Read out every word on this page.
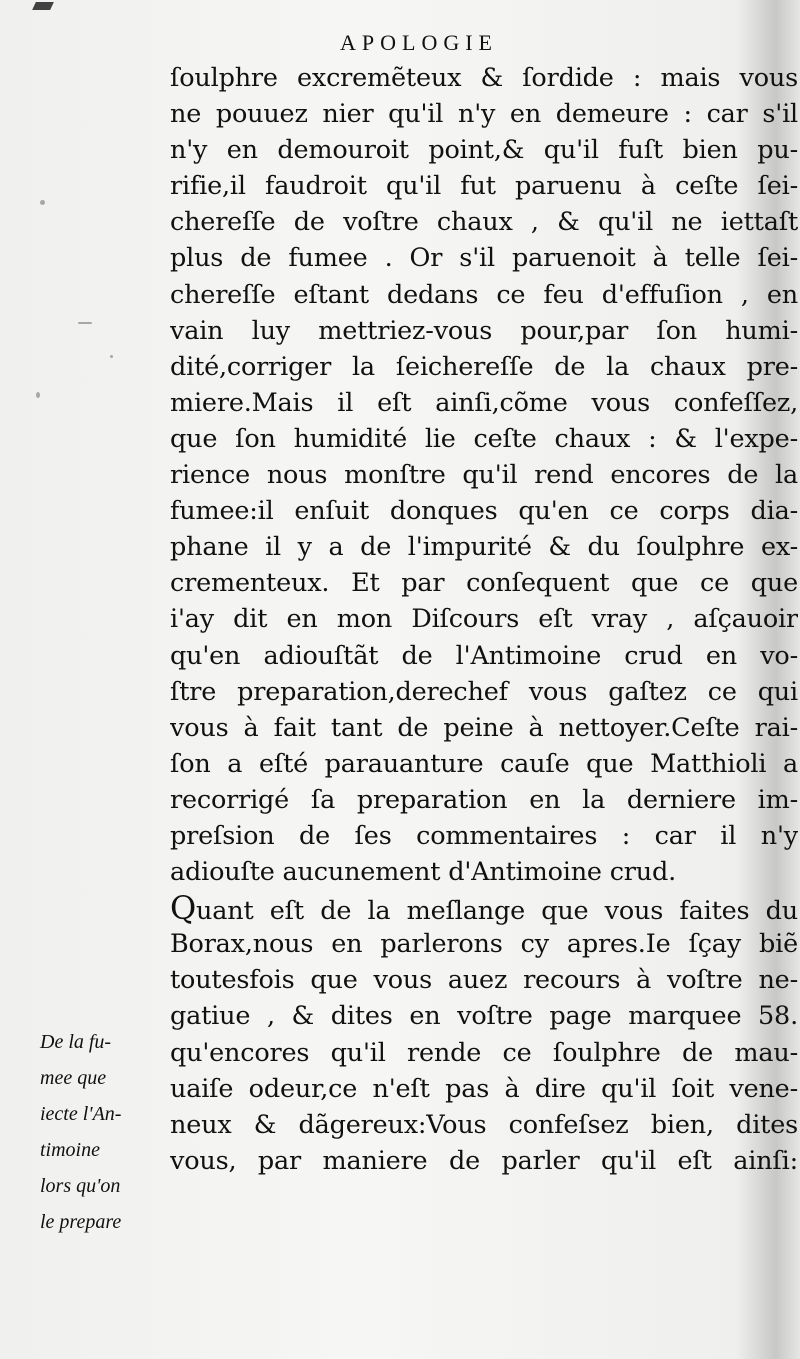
APOLOGIE
ſoulphre excremẽteux & ſordide : mais vous
ne pouuez nier qu'il n'y en demeure : car s'il
n'y en demouroit point,& qu'il fuſt bien pu-
rifie,il faudroit qu'il fut paruenu à ceſte ſei-
chereſſe de voſtre chaux , & qu'il ne iettaſt
plus de fumee . Or s'il paruenoit à telle ſei-
chereſſe eſtant dedans ce feu d'effuſion , en
vain luy mettriez-vous pour,par ſon humi-
dité,corriger la ſeichereſſe de la chaux pre-
miere.Mais il eſt ainſi,cõme vous confeſſez,
que ſon humidité lie ceſte chaux : & l'expe-
rience nous monſtre qu'il rend encores de la
fumee:il enſuit donques qu'en ce corps dia-
phane il y a de l'impurité & du ſoulphre ex-
crementeux. Et par conſequent que ce que
i'ay dit en mon Diſcours eſt vray , aſçauoir
qu'en adiouſtãt de l'Antimoine crud en vo-
ſtre preparation,derechef vous gaſtez ce qui
vous à fait tant de peine à nettoyer.Ceſte rai-
ſon a eſté parauanture cauſe que Matthioli a
recorrigé ſa preparation en la derniere im-
preſsion de ſes commentaires : car il n'y
adiouſte aucunement d'Antimoine crud.
Quant eſt de la meſlange que vous faites du
Borax,nous en parlerons cy apres.Ie ſçay biẽ
toutesfois que vous auez recours à voſtre ne-
gatiue , & dites en voſtre page marquee 58.
qu'encores qu'il rende ce ſoulphre de mau-
uaiſe odeur,ce n'eſt pas à dire qu'il ſoit vene-
neux & dãgereux:Vous confeſsez bien, dites
vous, par maniere de parler qu'il eſt ainſi:
De la fu-
mee que
iecte l'An-
timoine
lors qu'on
le prepare
